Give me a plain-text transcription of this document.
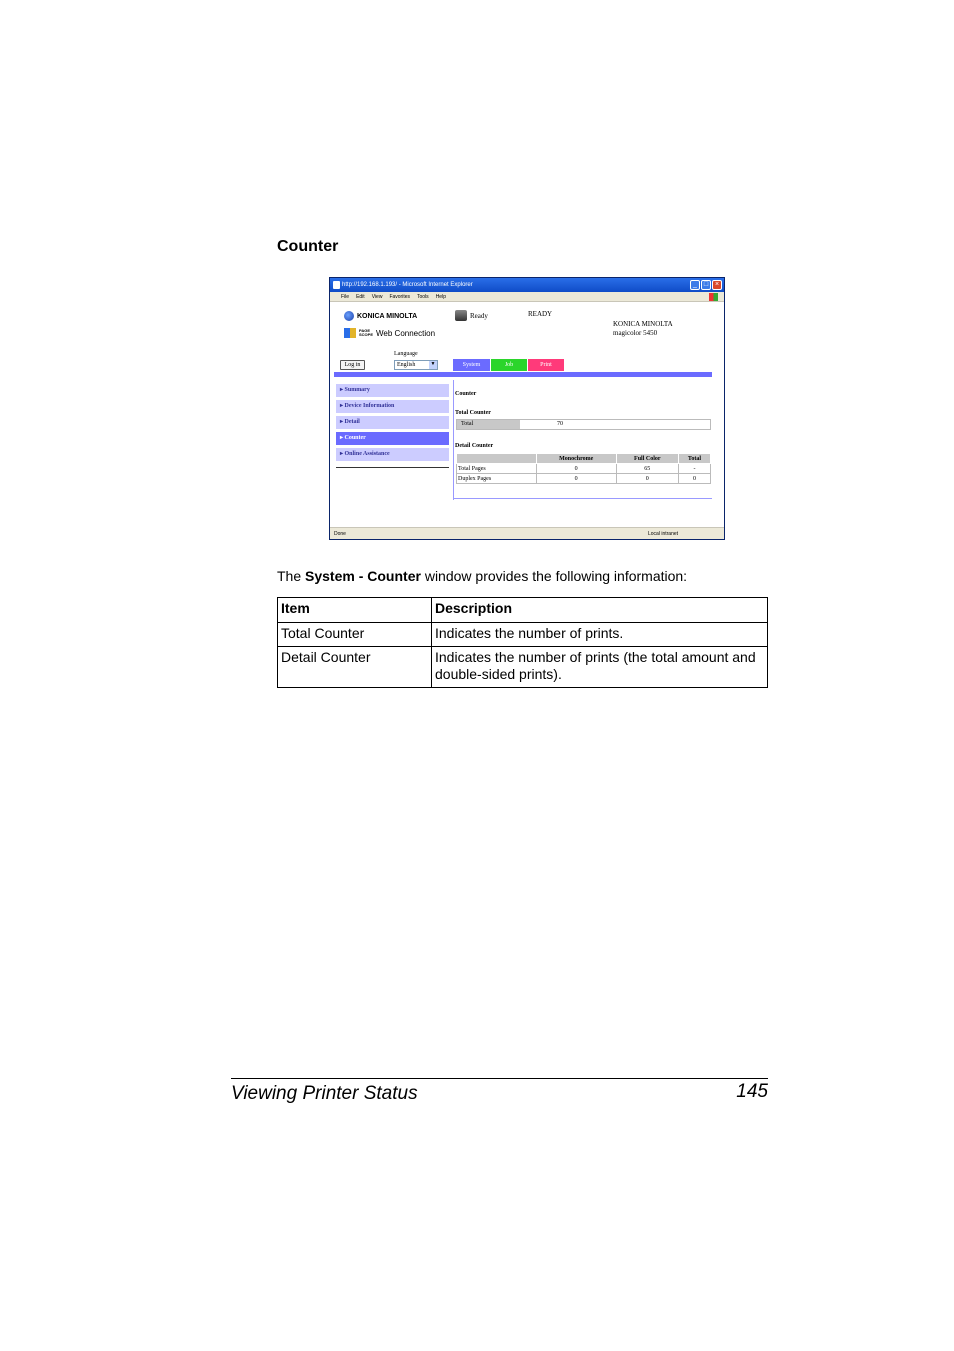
Counter
http://192.168.1.193/ - Microsoft Internet Explorer	_ □ ×
File Edit View Favorites Tools Help
KONICA MINOLTA
PAGE
SCOPE Web Connection
Ready	READY
KONICA MINOLTA
magicolor 5450
Language
Log in	English	▼	System	Job	Print
▸ Summary
▸ Device Information
▸ Detail
▸ Counter
▸ Online Assistance
Counter
Total Counter
Total	70
Detail Counter
	Monochrome	Full Color	Total
Total Pages	0	65	-
Duplex Pages	0	0	0
Done	Local intranet

The System - Counter window provides the following information:

Item	Description
Total Counter	Indicates the number of prints.
Detail Counter	Indicates the number of prints (the total amount and double-sided prints).
Viewing Printer Status	145
